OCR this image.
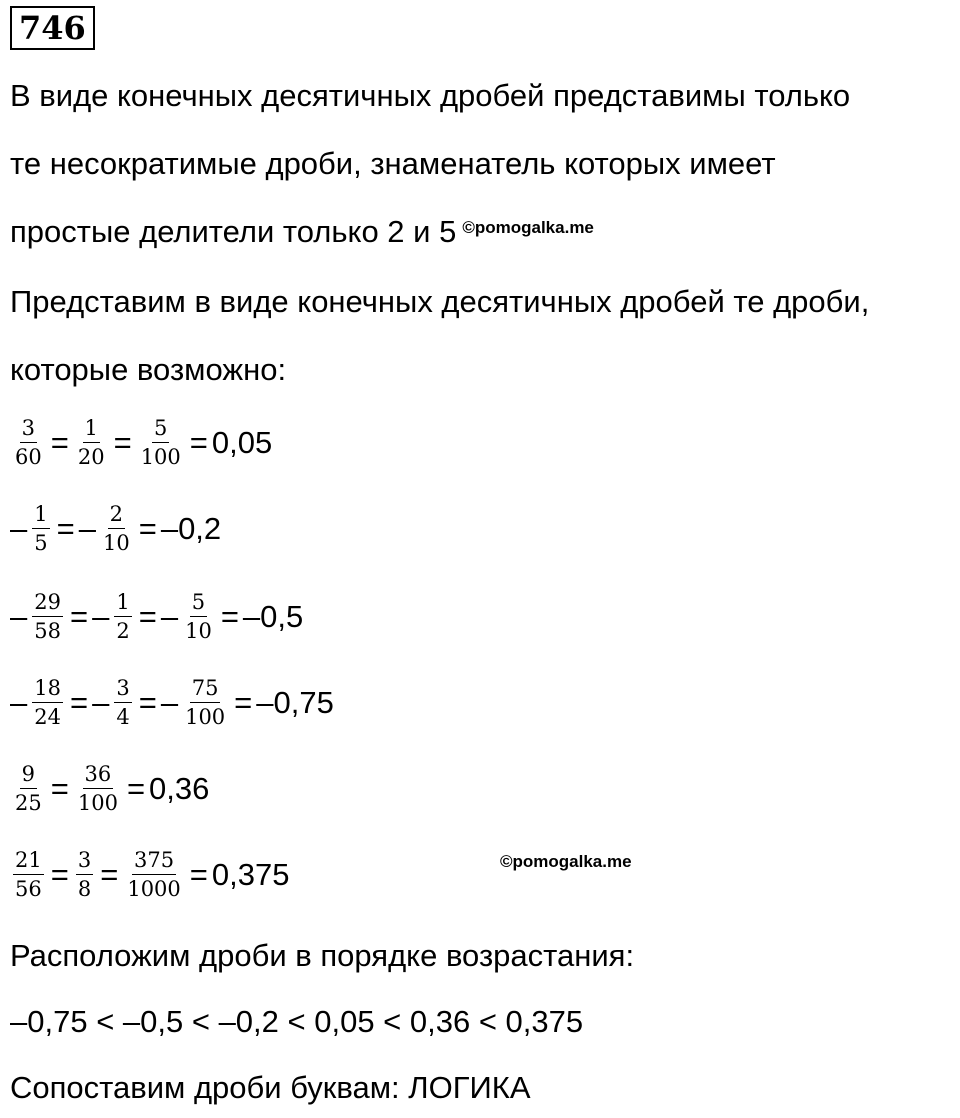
746
В виде конечных десятичных дробей представимы только
те несократимые дроби, знаменатель которых имеет
простые делители только 2 и 5 $^{©pomogalka.me}$
Представим в виде конечных десятичных дробей те дроби,
которые возможно:
$\frac{3}{60} = \frac{1}{20} = \frac{5}{100} = 0,05$
– $\frac{1}{5}$ = – $\frac{2}{10} = -0,2$
– $\frac{29}{58}$ = – $\frac{1}{2}$ = – $\frac{5}{10} = -0,5$
– $\frac{18}{24}$ = – $\frac{3}{4}$ = – $\frac{75}{100} = -0,75$
$\frac{9}{25} = \frac{36}{100} = 0,36$
$\frac{21}{56} = \frac{3}{8} = \frac{375}{1000} = 0,375$	©pomogalka.me
Расположим дроби в порядке возрастания:
–0,75 < –0,5 < –0,2 < 0,05 < 0,36 < 0,375
Сопоставим дроби буквам: ЛОГИКА
